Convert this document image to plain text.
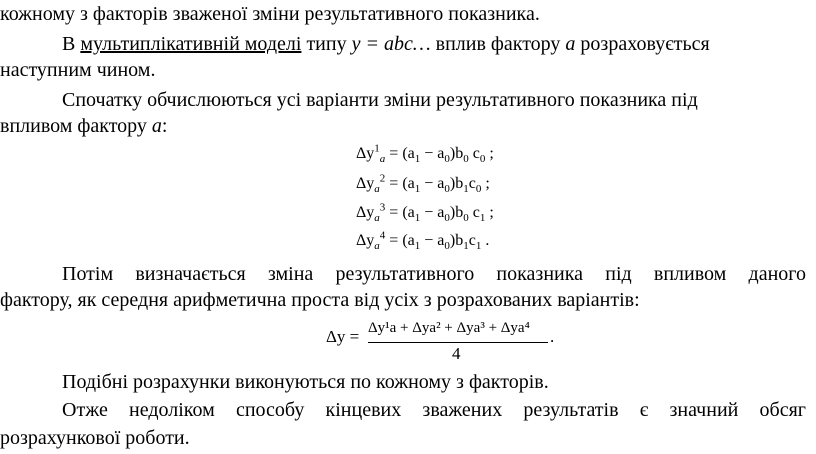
кожному з факторів зваженої зміни результативного показника.
В мультиплікативній моделі типу y = abc… вплив фактору a розраховується
наступним чином.
Спочатку обчислюються усі варіанти зміни результативного показника під
впливом фактору a:
$\Delta y^1_a = (a_1 - a_0)b_0$ $c_0$ ;
$\Delta y_a^2 = (a_1 - a_0)b_1c_0$ ;
$\Delta y_a^3 = (a_1 - a_0)b_0$ $c_1$ ;
$\Delta y_a^4 = (a_1 - a_0)b_1c_1$ .
Потім визначається зміна результативного показника під впливом даного
фактору, як середня арифметична проста від усіх з розрахованих варіантів:
Δy = Δy¹a + Δya² + Δya³ + Δya⁴
4
.
Подібні розрахунки виконуються по кожному з факторів.
Отже недоліком способу кінцевих зважених результатів є значний обсяг
розрахункової роботи.
